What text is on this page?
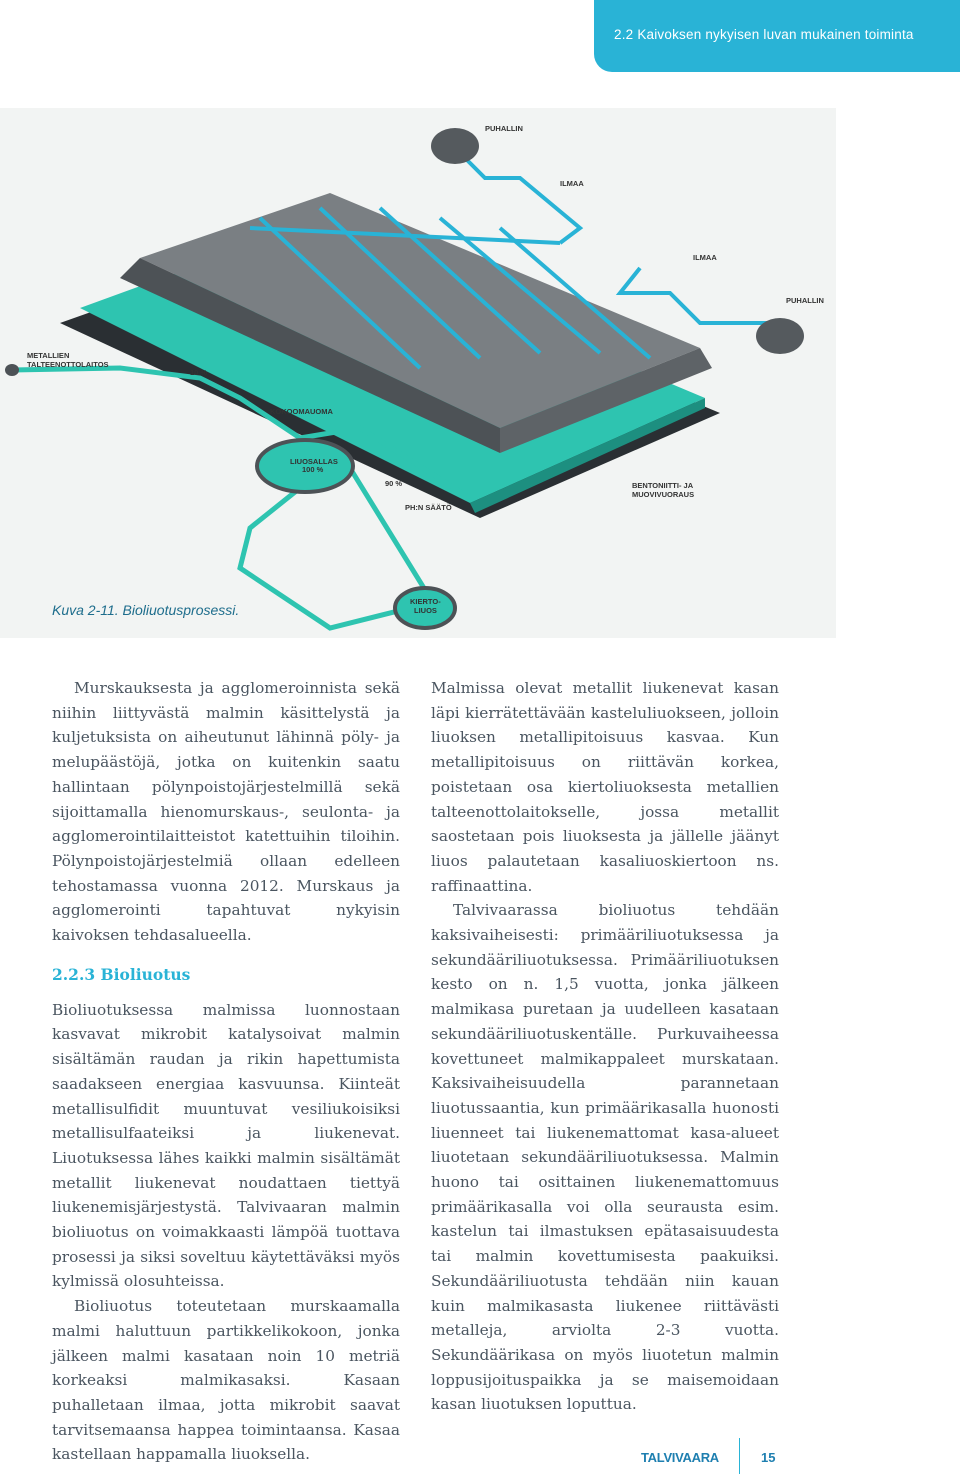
2.2 Kaivoksen nykyisen luvan mukainen toiminta
PUHALLIN
ILMAA
ILMAA
PUHALLIN
METALLIEN
TALTEENOTTOLAITOS
10 %
KOKOOMAUOMA
LIUOSALLAS
100 %
90 %
PH:N SÄÄTÖ
BENTONIITTI- JA
MUOVIVUORAUS
KIERTO-
LIUOS
Kuva 2-11. Bioliuotusprosessi.

Murskauksesta ja agglomeroinnista sekä niihin liittyvästä malmin käsittelystä ja kuljetuksista on aiheutunut lähinnä pöly- ja melupäästöjä, jotka on kuitenkin saatu hallintaan pölynpoistojärjestelmillä sekä sijoittamalla hienomurskaus-, seulonta- ja agglomerointilaitteistot katettuihin tiloihin. Pölynpoistojärjestelmiä ollaan edelleen tehostamassa vuonna 2012. Murskaus ja agglomerointi tapahtuvat nykyisin kaivoksen tehdasalueella.

2.2.3 Bioliuotus

Bioliuotuksessa malmissa luonnostaan kasvavat mikrobit katalysoivat malmin sisältämän raudan ja rikin hapettumista saadakseen energiaa kasvuunsa. Kiinteät metallisulfidit muuntuvat vesiliukoisiksi metallisulfaateiksi ja liukenevat. Liuotuksessa lähes kaikki malmin sisältämät metallit liukenevat noudattaen tiettyä liukenemisjärjestystä. Talvivaaran malmin bioliuotus on voimakkaasti lämpöä tuottava prosessi ja siksi soveltuu käytettäväksi myös kylmissä olosuhteissa.

Bioliuotus toteutetaan murskaamalla malmi haluttuun partikkelikokoon, jonka jälkeen malmi kasataan noin 10 metriä korkeaksi malmikasaksi. Kasaan puhalletaan ilmaa, jotta mikrobit saavat tarvitsemaansa happea toimintaansa. Kasaa kastellaan happamalla liuoksella.

Malmissa olevat metallit liukenevat kasan läpi kierrätettävään kasteluliuokseen, jolloin liuoksen metallipitoisuus kasvaa. Kun metallipitoisuus on riittävän korkea, poistetaan osa kiertoliuoksesta metallien talteenottolaitokselle, jossa metallit saostetaan pois liuoksesta ja jällelle jäänyt liuos palautetaan kasaliuoskiertoon ns. raffinaattina.

Talvivaarassa bioliuotus tehdään kaksivaiheisesti: primääriliuotuksessa ja sekundääriliuotuksessa. Primääriliuotuksen kesto on n. 1,5 vuotta, jonka jälkeen malmikasa puretaan ja uudelleen kasataan sekundääriliuotuskentälle. Purkuvaiheessa kovettuneet malmikappaleet murskataan. Kaksivaiheisuudella parannetaan liuotussaantia, kun primäärikasalla huonosti liuenneet tai liukenemattomat kasa-alueet liuotetaan sekundääriliuotuksessa. Malmin huono tai osittainen liukenemattomuus primäärikasalla voi olla seurausta esim. kastelun tai ilmastuksen epätasaisuudesta tai malmin kovettumisesta paakuiksi. Sekundääriliuotusta tehdään niin kauan kuin malmikasasta liukenee riittävästi metalleja, arviolta 2-3 vuotta. Sekundäärikasa on myös liuotetun malmin loppusijoituspaikka ja se maisemoidaan kasan liuotuksen loputtua.

TALVIVAARA	15
